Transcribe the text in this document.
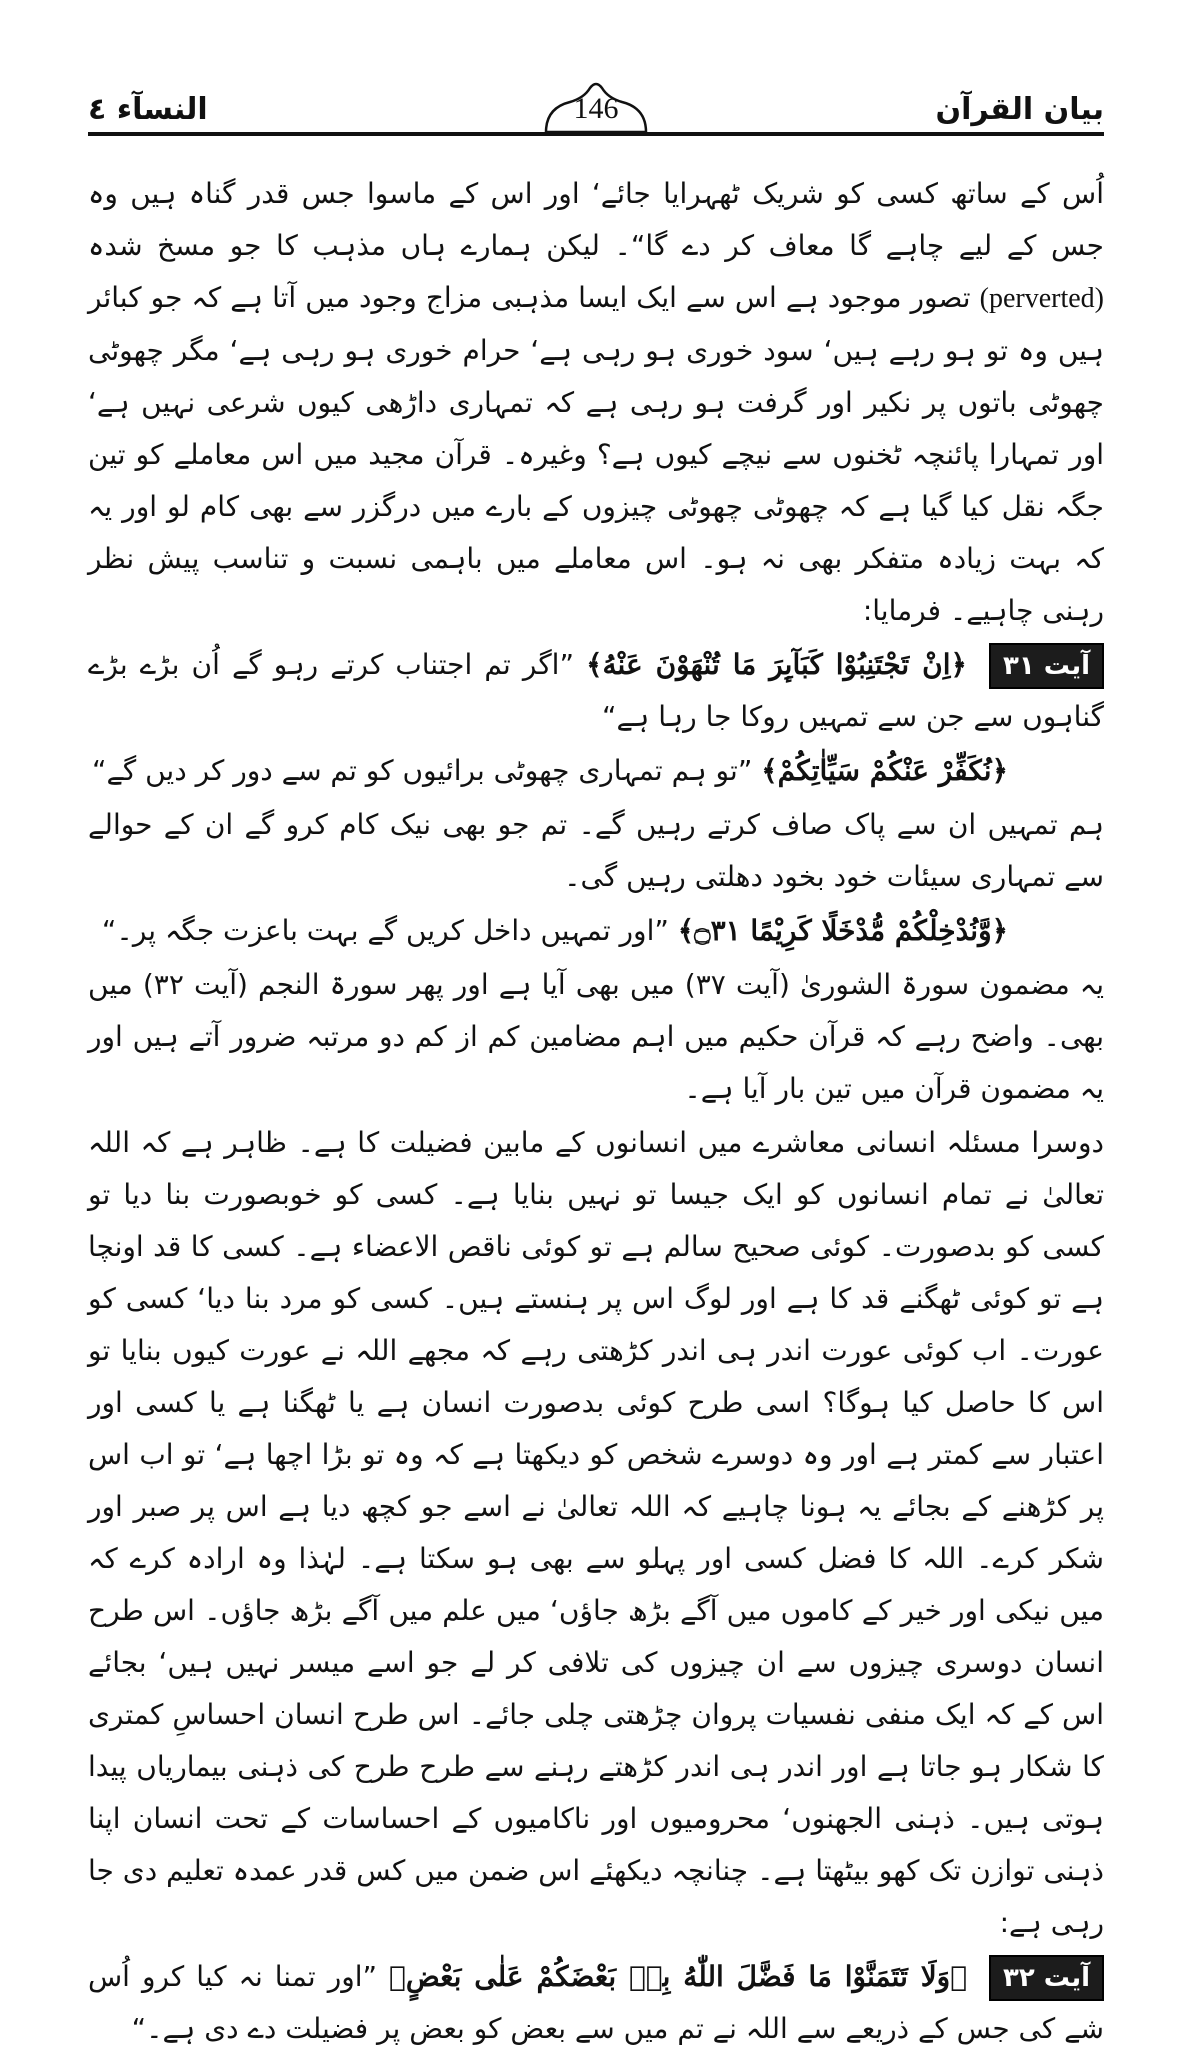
النسآء ٤	بیان القرآن
146

اُس کے ساتھ کسی کو شریک ٹھہرایا جائے‘ اور اس کے ماسوا جس قدر گناہ ہیں وہ جس کے لیے چاہے گا معاف کر دے گا“۔ لیکن ہمارے ہاں مذہب کا جو مسخ شدہ (perverted) تصور موجود ہے اس سے ایک ایسا مذہبی مزاج وجود میں آتا ہے کہ جو کبائر ہیں وہ تو ہو رہے ہیں‘ سود خوری ہو رہی ہے‘ حرام خوری ہو رہی ہے‘ مگر چھوٹی چھوٹی باتوں پر نکیر اور گرفت ہو رہی ہے کہ تمہاری داڑھی کیوں شرعی نہیں ہے‘ اور تمہارا پائنچہ ٹخنوں سے نیچے کیوں ہے؟ وغیرہ۔ قرآن مجید میں اس معاملے کو تین جگہ نقل کیا گیا ہے کہ چھوٹی چھوٹی چیزوں کے بارے میں درگزر سے بھی کام لو اور یہ کہ بہت زیادہ متفکر بھی نہ ہو۔ اس معاملے میں باہمی نسبت و تناسب پیش نظر رہنی چاہیے۔ فرمایا:

آیت ۳۱ ﴿اِنْ تَجْتَنِبُوْا كَبَآىِٕرَ مَا تُنْهَوْنَ عَنْهُ﴾ ”اگر تم اجتناب کرتے رہو گے اُن بڑے بڑے گناہوں سے جن سے تمہیں روکا جا رہا ہے“

﴿نُكَفِّرْ عَنْكُمْ سَيِّاٰتِكُمْ﴾ ”تو ہم تمہاری چھوٹی برائیوں کو تم سے دور کر دیں گے“

ہم تمہیں ان سے پاک صاف کرتے رہیں گے۔ تم جو بھی نیک کام کرو گے ان کے حوالے سے تمہاری سیئات خود بخود دھلتی رہیں گی۔

﴿وَّنُدْخِلْكُمْ مُّدْخَلًا كَرِيْمًا ۝۳۱﴾ ”اور تمہیں داخل کریں گے بہت باعزت جگہ پر۔“

یہ مضمون سورۃ الشوریٰ (آیت ۳۷) میں بھی آیا ہے اور پھر سورۃ النجم (آیت ۳۲) میں بھی۔ واضح رہے کہ قرآن حکیم میں اہم مضامین کم از کم دو مرتبہ ضرور آتے ہیں اور یہ مضمون قرآن میں تین بار آیا ہے۔

دوسرا مسئلہ انسانی معاشرے میں انسانوں کے مابین فضیلت کا ہے۔ ظاہر ہے کہ اللہ تعالیٰ نے تمام انسانوں کو ایک جیسا تو نہیں بنایا ہے۔ کسی کو خوبصورت بنا دیا تو کسی کو بدصورت۔ کوئی صحیح سالم ہے تو کوئی ناقص الاعضاء ہے۔ کسی کا قد اونچا ہے تو کوئی ٹھگنے قد کا ہے اور لوگ اس پر ہنستے ہیں۔ کسی کو مرد بنا دیا‘ کسی کو عورت۔ اب کوئی عورت اندر ہی اندر کڑھتی رہے کہ مجھے اللہ نے عورت کیوں بنایا تو اس کا حاصل کیا ہوگا؟ اسی طرح کوئی بدصورت انسان ہے یا ٹھگنا ہے یا کسی اور اعتبار سے کمتر ہے اور وہ دوسرے شخص کو دیکھتا ہے کہ وہ تو بڑا اچھا ہے‘ تو اب اس پر کڑھنے کے بجائے یہ ہونا چاہیے کہ اللہ تعالیٰ نے اسے جو کچھ دیا ہے اس پر صبر اور شکر کرے۔ اللہ کا فضل کسی اور پہلو سے بھی ہو سکتا ہے۔ لہٰذا وہ ارادہ کرے کہ میں نیکی اور خیر کے کاموں میں آگے بڑھ جاؤں‘ میں علم میں آگے بڑھ جاؤں۔ اس طرح انسان دوسری چیزوں سے ان چیزوں کی تلافی کر لے جو اسے میسر نہیں ہیں‘ بجائے اس کے کہ ایک منفی نفسیات پروان چڑھتی چلی جائے۔ اس طرح انسان احساسِ کمتری کا شکار ہو جاتا ہے اور اندر ہی اندر کڑھتے رہنے سے طرح طرح کی ذہنی بیماریاں پیدا ہوتی ہیں۔ ذہنی الجھنوں‘ محرومیوں اور ناکامیوں کے احساسات کے تحت انسان اپنا ذہنی توازن تک کھو بیٹھتا ہے۔ چنانچہ دیکھئے اس ضمن میں کس قدر عمدہ تعلیم دی جا رہی ہے:

آیت ۳۲ ﴿وَلَا تَتَمَنَّوْا مَا فَضَّلَ اللّٰهُ بِهٖ بَعْضَكُمْ عَلٰى بَعْضٍ﴾ ”اور تمنا نہ کیا کرو اُس شے کی جس کے ذریعے سے اللہ نے تم میں سے بعض کو بعض پر فضیلت دے دی ہے۔“
